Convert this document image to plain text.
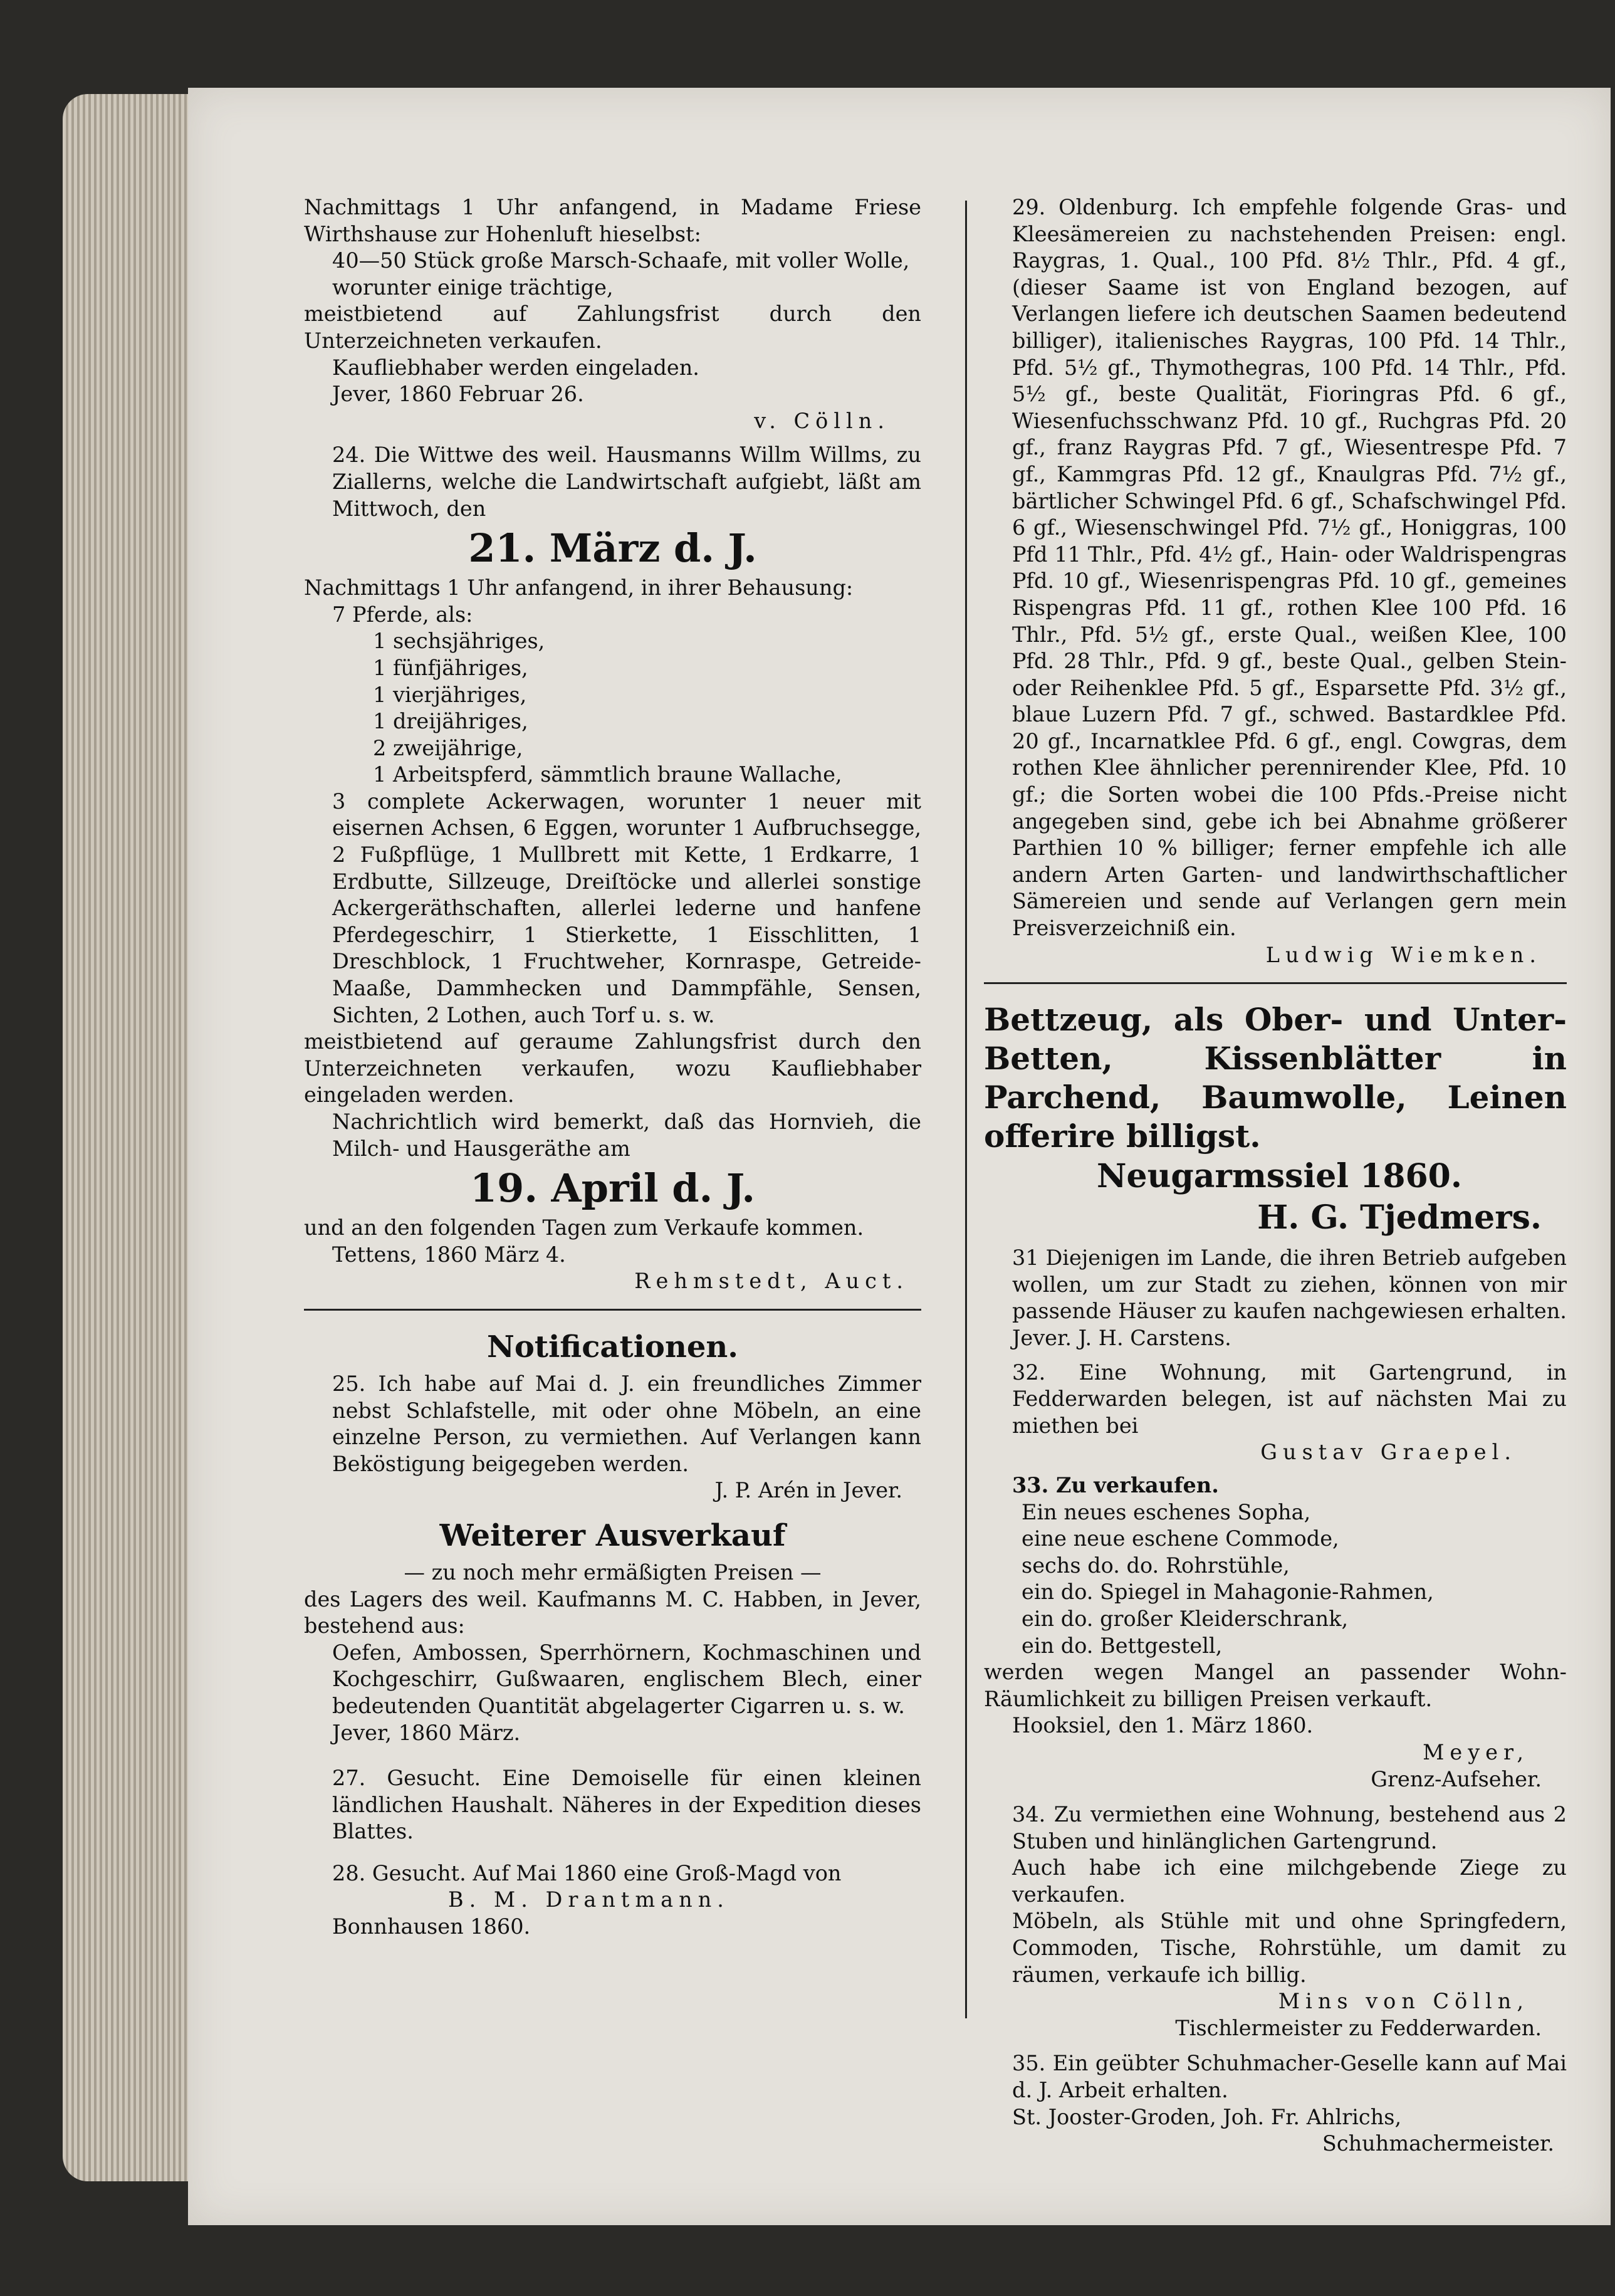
Nachmittags 1 Uhr anfangend, in Madame Friese Wirthshause zur Hohenluft hieselbst:

40—50 Stück große Marsch-Schaafe, mit voller Wolle, worunter einige trächtige,

meistbietend auf Zahlungsfrist durch den Unterzeichneten verkaufen.

Kaufliebhaber werden eingeladen.

Jever, 1860 Februar 26.

v. Cölln.

24. Die Wittwe des weil. Hausmanns Willm Willms, zu Ziallerns, welche die Landwirtschaft aufgiebt, läßt am Mittwoch, den

21. März d. J.

Nachmittags 1 Uhr anfangend, in ihrer Behausung:

7 Pferde, als:

1 sechsjähriges,

1 fünfjähriges,

1 vierjähriges,

1 dreijähriges,

2 zweijährige,

1 Arbeitspferd, sämmtlich braune Wallache,

3 complete Ackerwagen, worunter 1 neuer mit eisernen Achsen, 6 Eggen, worunter 1 Aufbruchsegge, 2 Fußpflüge, 1 Mullbrett mit Kette, 1 Erdkarre, 1 Erdbutte, Sillzeuge, Dreiſtöcke und allerlei sonstige Ackergeräthschaften, allerlei lederne und hanfene Pferdegeschirr, 1 Stierkette, 1 Eisschlitten, 1 Dreschblock, 1 Fruchtweher, Kornraspe, Getreide-Maaße, Dammhecken und Dammpfähle, Sensen, Sichten, 2 Lothen, auch Torf u. s. w.

meistbietend auf geraume Zahlungsfrist durch den Unterzeichneten verkaufen, wozu Kaufliebhaber eingeladen werden.

Nachrichtlich wird bemerkt, daß das Hornvieh, die Milch- und Hausgeräthe am

19. April d. J.

und an den folgenden Tagen zum Verkaufe kommen.

Tettens, 1860 März 4.

Rehmstedt, Auct.

Notificationen.

25. Ich habe auf Mai d. J. ein freundliches Zimmer nebst Schlafstelle, mit oder ohne Möbeln, an eine einzelne Person, zu vermiethen. Auf Verlangen kann Beköstigung beigegeben werden.

J. P. Arén in Jever.

Weiterer Ausverkauf

— zu noch mehr ermäßigten Preisen —

des Lagers des weil. Kaufmanns M. C. Habben, in Jever, bestehend aus:

Oefen, Ambossen, Sperrhörnern, Kochmaschinen und Kochgeschirr, Gußwaaren, englischem Blech, einer bedeutenden Quantität abgelagerter Cigarren u. s. w.

Jever, 1860 März.

27. Gesucht. Eine Demoiselle für einen kleinen ländlichen Haushalt. Näheres in der Expedition dieses Blattes.

28. Gesucht. Auf Mai 1860 eine Groß-Magd von

B. M. Drantmann.

Bonnhausen 1860.

29. Oldenburg. Ich empfehle folgende Gras- und Kleesämereien zu nachstehenden Preisen: engl. Raygras, 1. Qual., 100 Pfd. 8½ Thlr., Pfd. 4 gf., (dieser Saame ist von England bezogen, auf Verlangen liefere ich deutschen Saamen bedeutend billiger), italienisches Raygras, 100 Pfd. 14 Thlr., Pfd. 5½ gf., Thymothegras, 100 Pfd. 14 Thlr., Pfd. 5½ gf., beste Qualität, Fioringras Pfd. 6 gf., Wiesenfuchsschwanz Pfd. 10 gf., Ruchgras Pfd. 20 gf., franz Raygras Pfd. 7 gf., Wiesentrespe Pfd. 7 gf., Kammgras Pfd. 12 gf., Knaulgras Pfd. 7½ gf., bärtlicher Schwingel Pfd. 6 gf., Schafschwingel Pfd. 6 gf., Wiesenschwingel Pfd. 7½ gf., Honiggras, 100 Pfd 11 Thlr., Pfd. 4½ gf., Hain- oder Waldrispengras Pfd. 10 gf., Wiesenrispengras Pfd. 10 gf., gemeines Rispengras Pfd. 11 gf., rothen Klee 100 Pfd. 16 Thlr., Pfd. 5½ gf., erste Qual., weißen Klee, 100 Pfd. 28 Thlr., Pfd. 9 gf., beste Qual., gelben Stein- oder Reihenklee Pfd. 5 gf., Esparsette Pfd. 3½ gf., blaue Luzern Pfd. 7 gf., schwed. Bastardklee Pfd. 20 gf., Incarnatklee Pfd. 6 gf., engl. Cowgras, dem rothen Klee ähnlicher perennirender Klee, Pfd. 10 gf.; die Sorten wobei die 100 Pfds.-Preise nicht angegeben sind, gebe ich bei Abnahme größerer Parthien 10 % billiger; ferner empfehle ich alle andern Arten Garten- und landwirthschaftlicher Sämereien und sende auf Verlangen gern mein Preisverzeichniß ein.

Ludwig Wiemken.

Bettzeug, als Ober- und Unter-Betten, Kissenblätter in Parchend, Baumwolle, Leinen offerire billigst.

Neugarmssiel 1860.

H. G. Tjedmers.

31 Diejenigen im Lande, die ihren Betrieb aufgeben wollen, um zur Stadt zu ziehen, können von mir passende Häuser zu kaufen nachgewiesen erhalten.

Jever. J. H. Carstens.

32. Eine Wohnung, mit Gartengrund, in Fedderwarden belegen, ist auf nächsten Mai zu miethen bei

Gustav Graepel.

33. Zu verkaufen.

Ein neues eschenes Sopha,

eine neue eschene Commode,

sechs do. do. Rohrstühle,

ein do. Spiegel in Mahagonie-Rahmen,

ein do. großer Kleiderschrank,

ein do. Bettgestell,

werden wegen Mangel an passender Wohn-Räumlichkeit zu billigen Preisen verkauft.

Hooksiel, den 1. März 1860.

Meyer,

Grenz-Aufseher.

34. Zu vermiethen eine Wohnung, bestehend aus 2 Stuben und hinlänglichen Gartengrund.

Auch habe ich eine milchgebende Ziege zu verkaufen.

Möbeln, als Stühle mit und ohne Springfedern, Commoden, Tische, Rohrstühle, um damit zu räumen, verkaufe ich billig.

Mins von Cölln,

Tischlermeister zu Fedderwarden.

35. Ein geübter Schuhmacher-Geselle kann auf Mai d. J. Arbeit erhalten.

St. Jooster-Groden, Joh. Fr. Ahlrichs,

Schuhmachermeister.
